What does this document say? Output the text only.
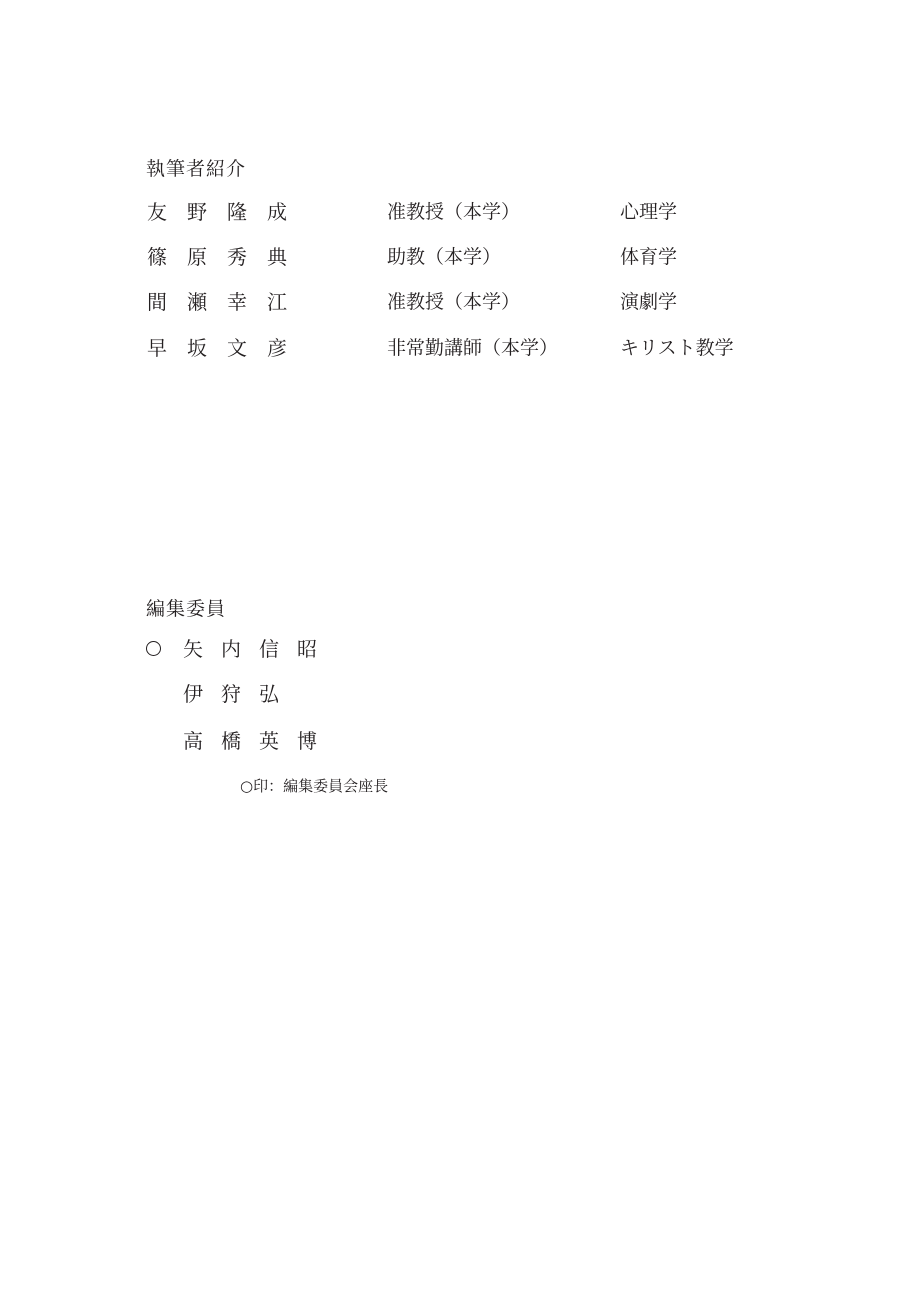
執筆者紹介
友 野 隆 成	准教授（本学）	心理学
篠 原 秀 典	助教（本学）	体育学
間 瀬 幸 江	准教授（本学）	演劇学
早 坂 文 彦	非常勤講師（本学）	キリスト教学
編集委員
矢 内 信 昭
伊 狩 弘
高 橋 英 博
○印：編集委員会座長
